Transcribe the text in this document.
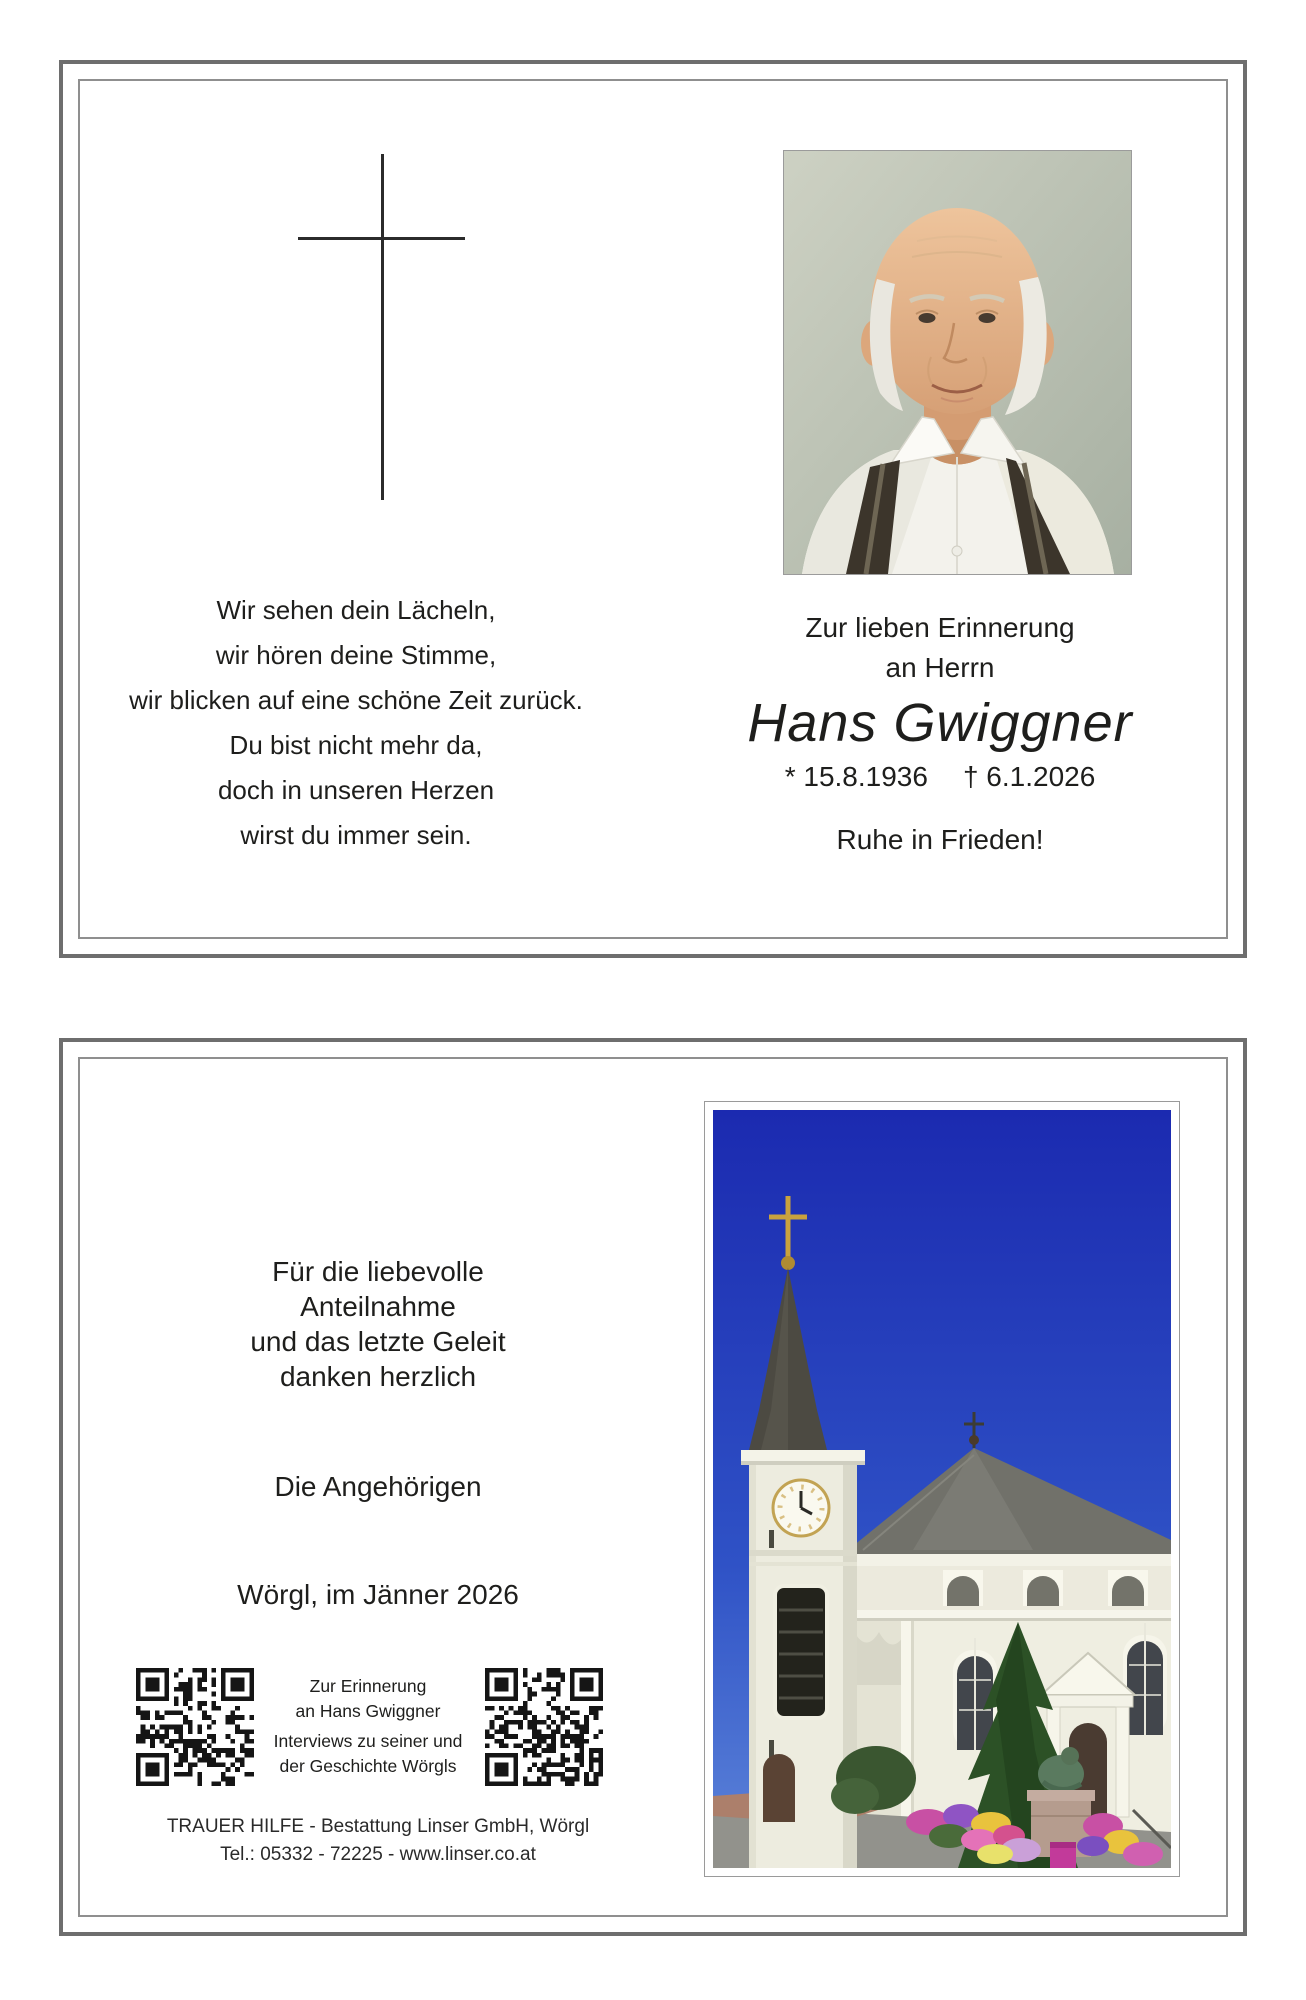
Wir sehen dein Lächeln,
wir hören deine Stimme,
wir blicken auf eine schöne Zeit zurück.
Du bist nicht mehr da,
doch in unseren Herzen
wirst du immer sein.
Zur lieben Erinnerung
an Herrn
Hans Gwiggner
* 15.8.1936 † 6.1.2026
Ruhe in Frieden!
Für die liebevolle
Anteilnahme
und das letzte Geleit
danken herzlich
Die Angehörigen
Wörgl, im Jänner 2026
Zur Erinnerung
an Hans Gwiggner
Interviews zu seiner und
der Geschichte Wörgls
TRAUER HILFE - Bestattung Linser GmbH, Wörgl
Tel.: 05332 - 72225 - www.linser.co.at
